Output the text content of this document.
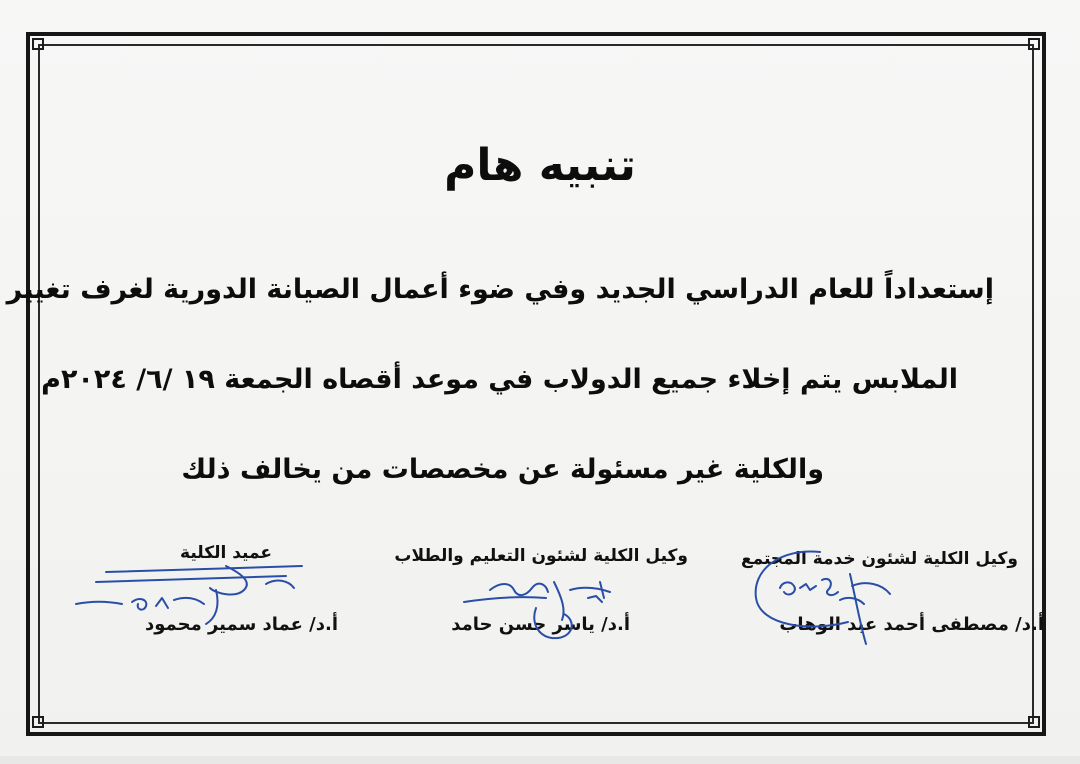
تنبيه هام
إستعداداً للعام الدراسي الجديد وفي ضوء أعمال الصيانة الدورية لغرف تغيير
الملابس يتم إخلاء جميع الدولاب في موعد أقصاه الجمعة ١٩ /٦/ ٢٠٢٤م
والكلية غير مسئولة عن مخصصات من يخالف ذلك
وكيل الكلية لشئون خدمة المجتمع
أ.د/ مصطفى أحمد عبد الوهاب
وكيل الكلية لشئون التعليم والطلاب
أ.د/ ياسر حسن حامد
عميد الكلية
أ.د/ عماد سمير محمود
